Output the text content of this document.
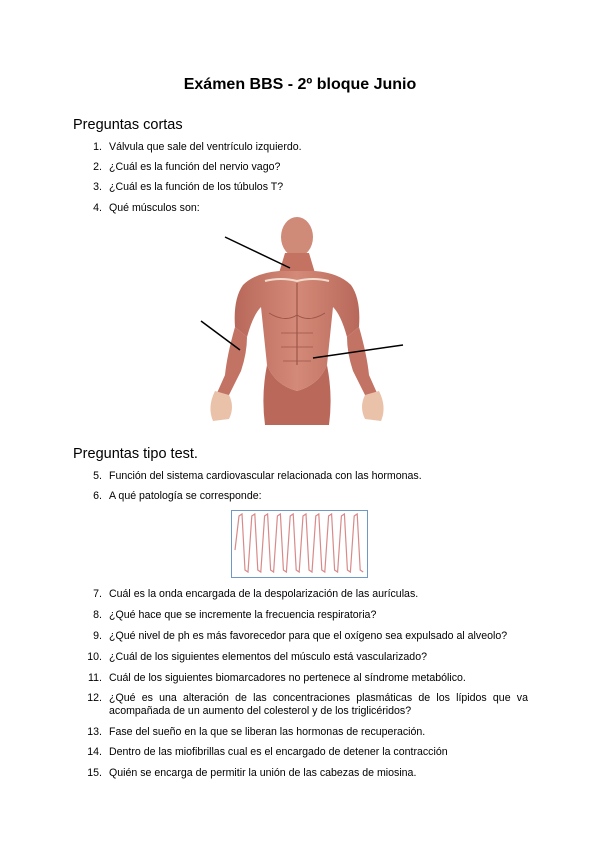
Exámen BBS - 2º bloque Junio
Preguntas cortas
1. Válvula que sale del ventrículo izquierdo.
2. ¿Cuál es la función del nervio vago?
3. ¿Cuál es la función de los túbulos T?
4. Qué músculos son:
Preguntas tipo test.
5. Función del sistema cardiovascular relacionada con las hormonas.
6. A qué patología se corresponde:
7. Cuál es la onda encargada de la despolarización de las aurículas.
8. ¿Qué hace que se incremente la frecuencia respiratoria?
9. ¿Qué nivel de ph es más favorecedor para que el oxígeno sea expulsado al alveolo?
10. ¿Cuál de los siguientes elementos del músculo está vascularizado?
11. Cuál de los siguientes biomarcadores no pertenece al síndrome metabólico.
12. ¿Qué es una alteración de las concentraciones plasmáticas de los lípidos que va acompañada de un aumento del colesterol y de los triglicéridos?
13. Fase del sueño en la que se liberan las hormonas de recuperación.
14. Dentro de las miofibrillas cual es el encargado de detener la contracción
15. Quién se encarga de permitir la unión de las cabezas de miosina.
